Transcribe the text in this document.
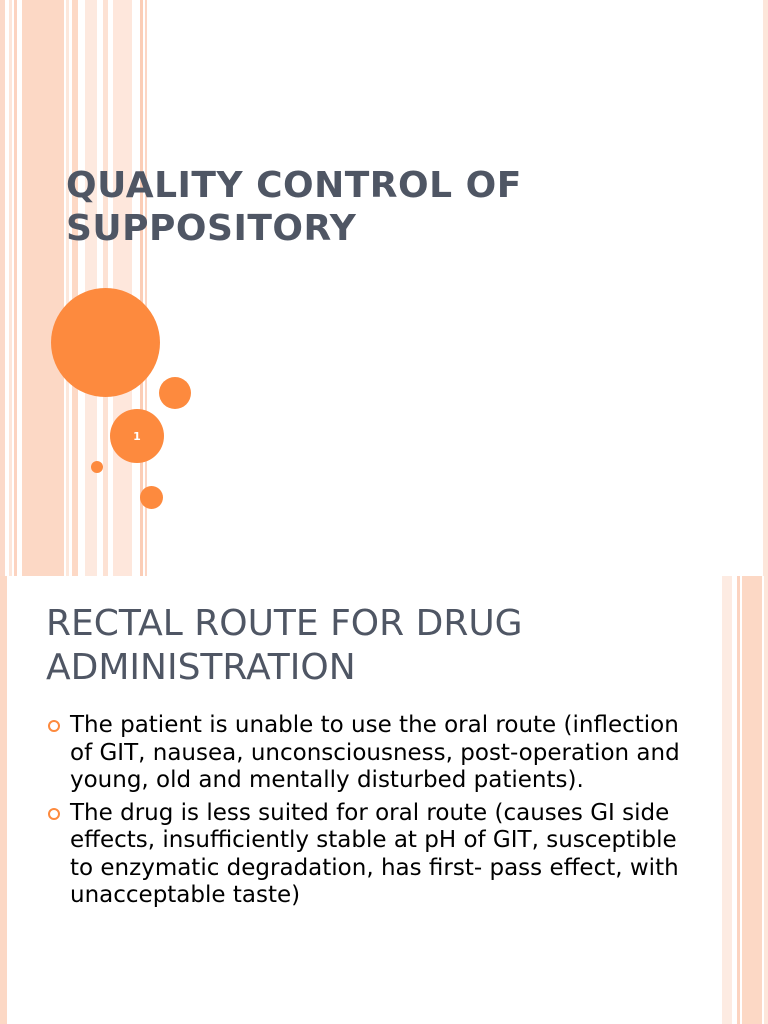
QUALITY CONTROL OF SUPPOSITORY
1
RECTAL ROUTE FOR DRUG ADMINISTRATION
The patient is unable to use the oral route (inflection of GIT, nausea, unconsciousness, post-operation and young, old and mentally disturbed patients).
The drug is less suited for oral route (causes GI side effects, insufficiently stable at pH of GIT, susceptible to enzymatic degradation, has first- pass effect, with unacceptable taste)
